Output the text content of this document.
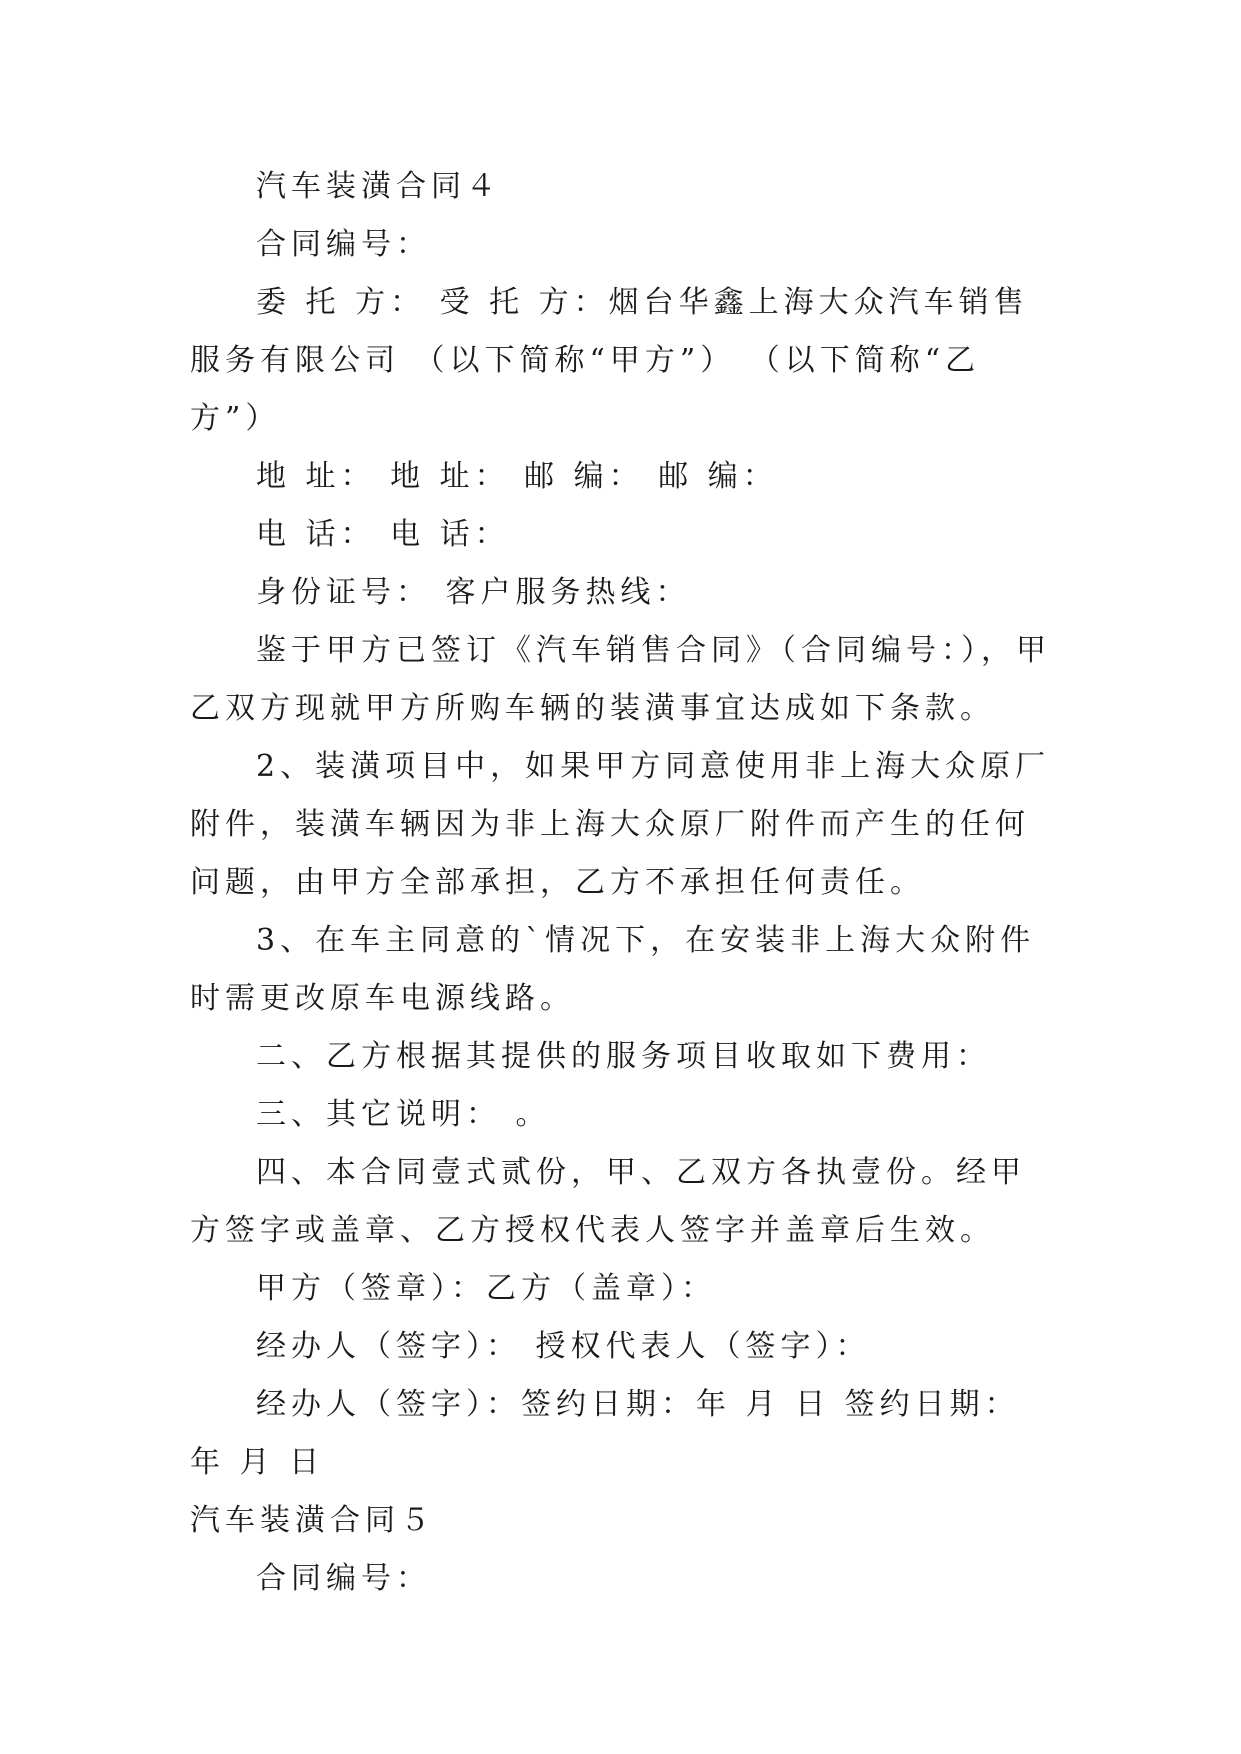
汽车装潢合同４

合同编号：

委 托 方： 受 托 方：烟台华鑫上海大众汽车销售服务有限公司 （以下简称“甲方”） （以下简称“乙方”）

地 址： 地 址： 邮 编： 邮 编：

电 话： 电 话：

身份证号： 客户服务热线：

鉴于甲方已签订《汽车销售合同》（合同编号：），甲乙双方现就甲方所购车辆的装潢事宜达成如下条款。

2、装潢项目中，如果甲方同意使用非上海大众原厂附件，装潢车辆因为非上海大众原厂附件而产生的任何问题，由甲方全部承担，乙方不承担任何责任。

3、在车主同意的`情况下，在安装非上海大众附件时需更改原车电源线路。

二、乙方根据其提供的服务项目收取如下费用：

三、其它说明： 。

四、本合同壹式贰份，甲、乙双方各执壹份。经甲方签字或盖章、乙方授权代表人签字并盖章后生效。

甲方（签章）：乙方（盖章）：

经办人（签字）： 授权代表人（签字）：

经办人（签字）：签约日期：年 月 日 签约日期：年 月 日

汽车装潢合同５

合同编号：
